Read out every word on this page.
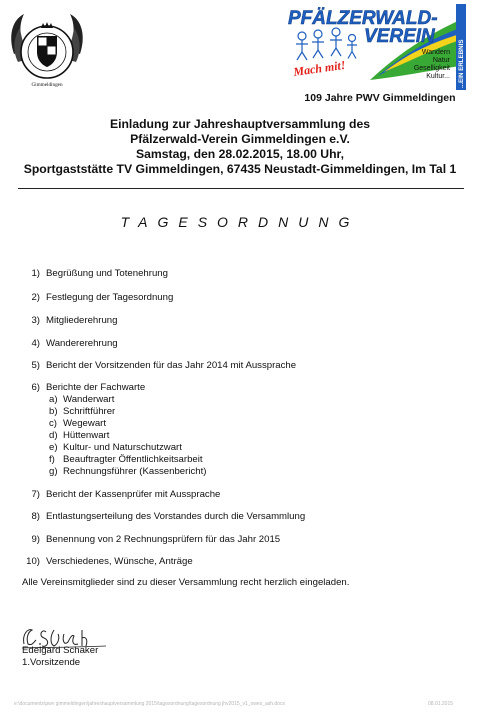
Gimmeldingen	...EIN ERLEBNIS
PFÄLZERWALD-
VEREIN
Mach mit!
Wandern
Natur
Geselligkeit
Kultur...
109 Jahre PWV Gimmeldingen
Einladung zur Jahreshauptversammlung des
Pfälzerwald-Verein Gimmeldingen e.V.
Samstag, den 28.02.2015, 18.00 Uhr,
Sportgaststätte TV Gimmeldingen, 67435 Neustadt-Gimmeldingen, Im Tal 1
TAGESORDNUNG
1) Begrüßung und Totenehrung
2) Festlegung der Tagesordnung
3) Mitgliederehrung
4) Wandererehrung
5) Bericht der Vorsitzenden für das Jahr 2014 mit Aussprache
6) Berichte der Fachwarte
a) Wanderwart
b) Schriftführer
c) Wegewart
d) Hüttenwart
e) Kultur- und Naturschutzwart
f) Beauftragter Öffentlichkeitsarbeit
g) Rechnungsführer (Kassenbericht)
7) Bericht der Kassenprüfer mit Aussprache
8) Entlastungserteilung des Vorstandes durch die Versammlung
9) Benennung von 2 Rechnungsprüfern für das Jahr 2015
10) Verschiedenes, Wünsche, Anträge
Alle Vereinsmitglieder sind zu dieser Versammlung recht herzlich eingeladen.
Edelgard Schaker
1.Vorsitzende
e:\documents\pwv gimmeldingen\jahreshauptversammlung 2015\tagesordnung\tagesordnung jhv2015_v1_owes_ash.docx	08.01.2015
